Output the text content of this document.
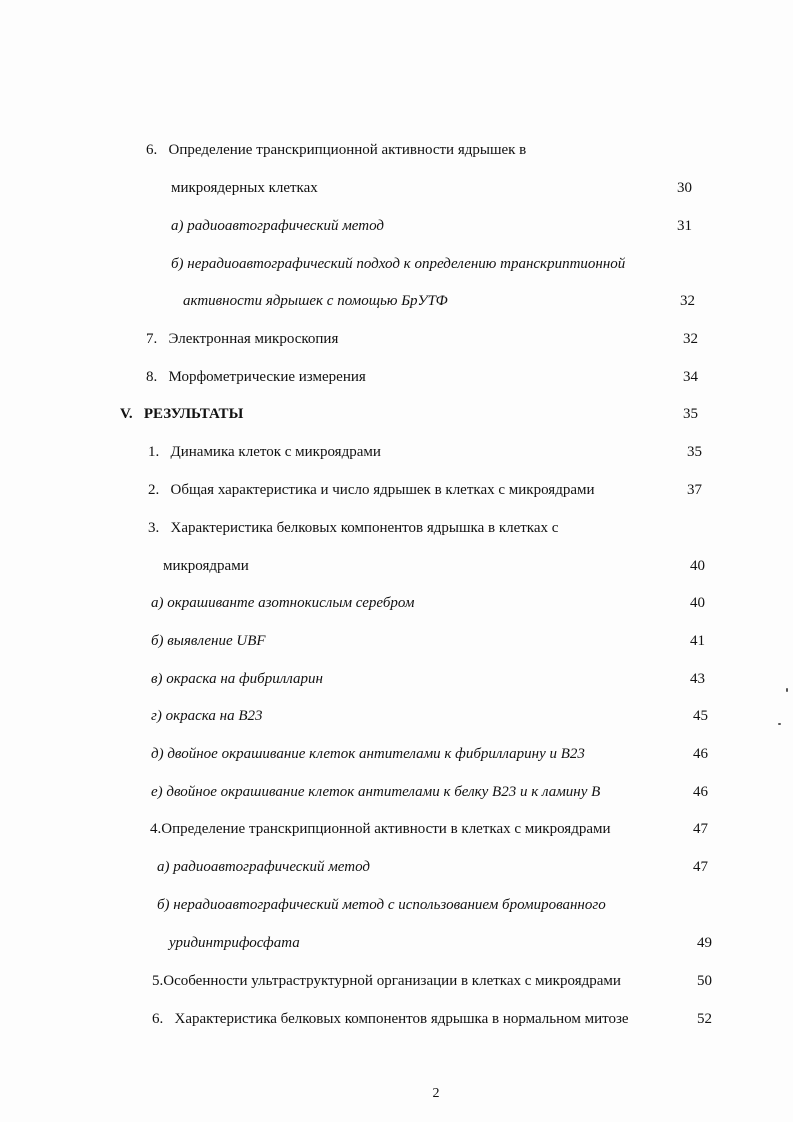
6.  Определение транскрипционной активности ядрышек в
микроядерных клетках	30
а) радиоавтографический метод	31
б) нерадиоавтографический подход к определению транскриптионной
активности ядрышек с помощью БрУТФ	32
7.  Электронная микроскопия	32
8.  Морфометрические измерения	34
V.  РЕЗУЛЬТАТЫ	35
1.  Динамика клеток с микроядрами	35
2.  Общая характеристика и число ядрышек в клетках с микроядрами	37
3.  Характеристика белковых компонентов ядрышка в клетках с
микроядрами	40
а) окрашиванте азотнокислым серебром	40
б) выявление UBF	41
в) окраска на фибрилларин	43
г) окраска на В23	45
д) двойное окрашивание клеток антителами к фибрилларину и В23	46
е) двойное окрашивание клеток антителами к белку В23 и к ламину В	46
4.Определение транскрипционной активности в клетках с микроядрами	47
а) радиоавтографический метод	47
б) нерадиоавтографический метод с использованием бромированного
уридинтрифосфата	49
5.Особенности ультраструктурной организации в клетках с микроядрами	50
6.  Характеристика белковых компонентов ядрышка в нормальном митозе	52
2
